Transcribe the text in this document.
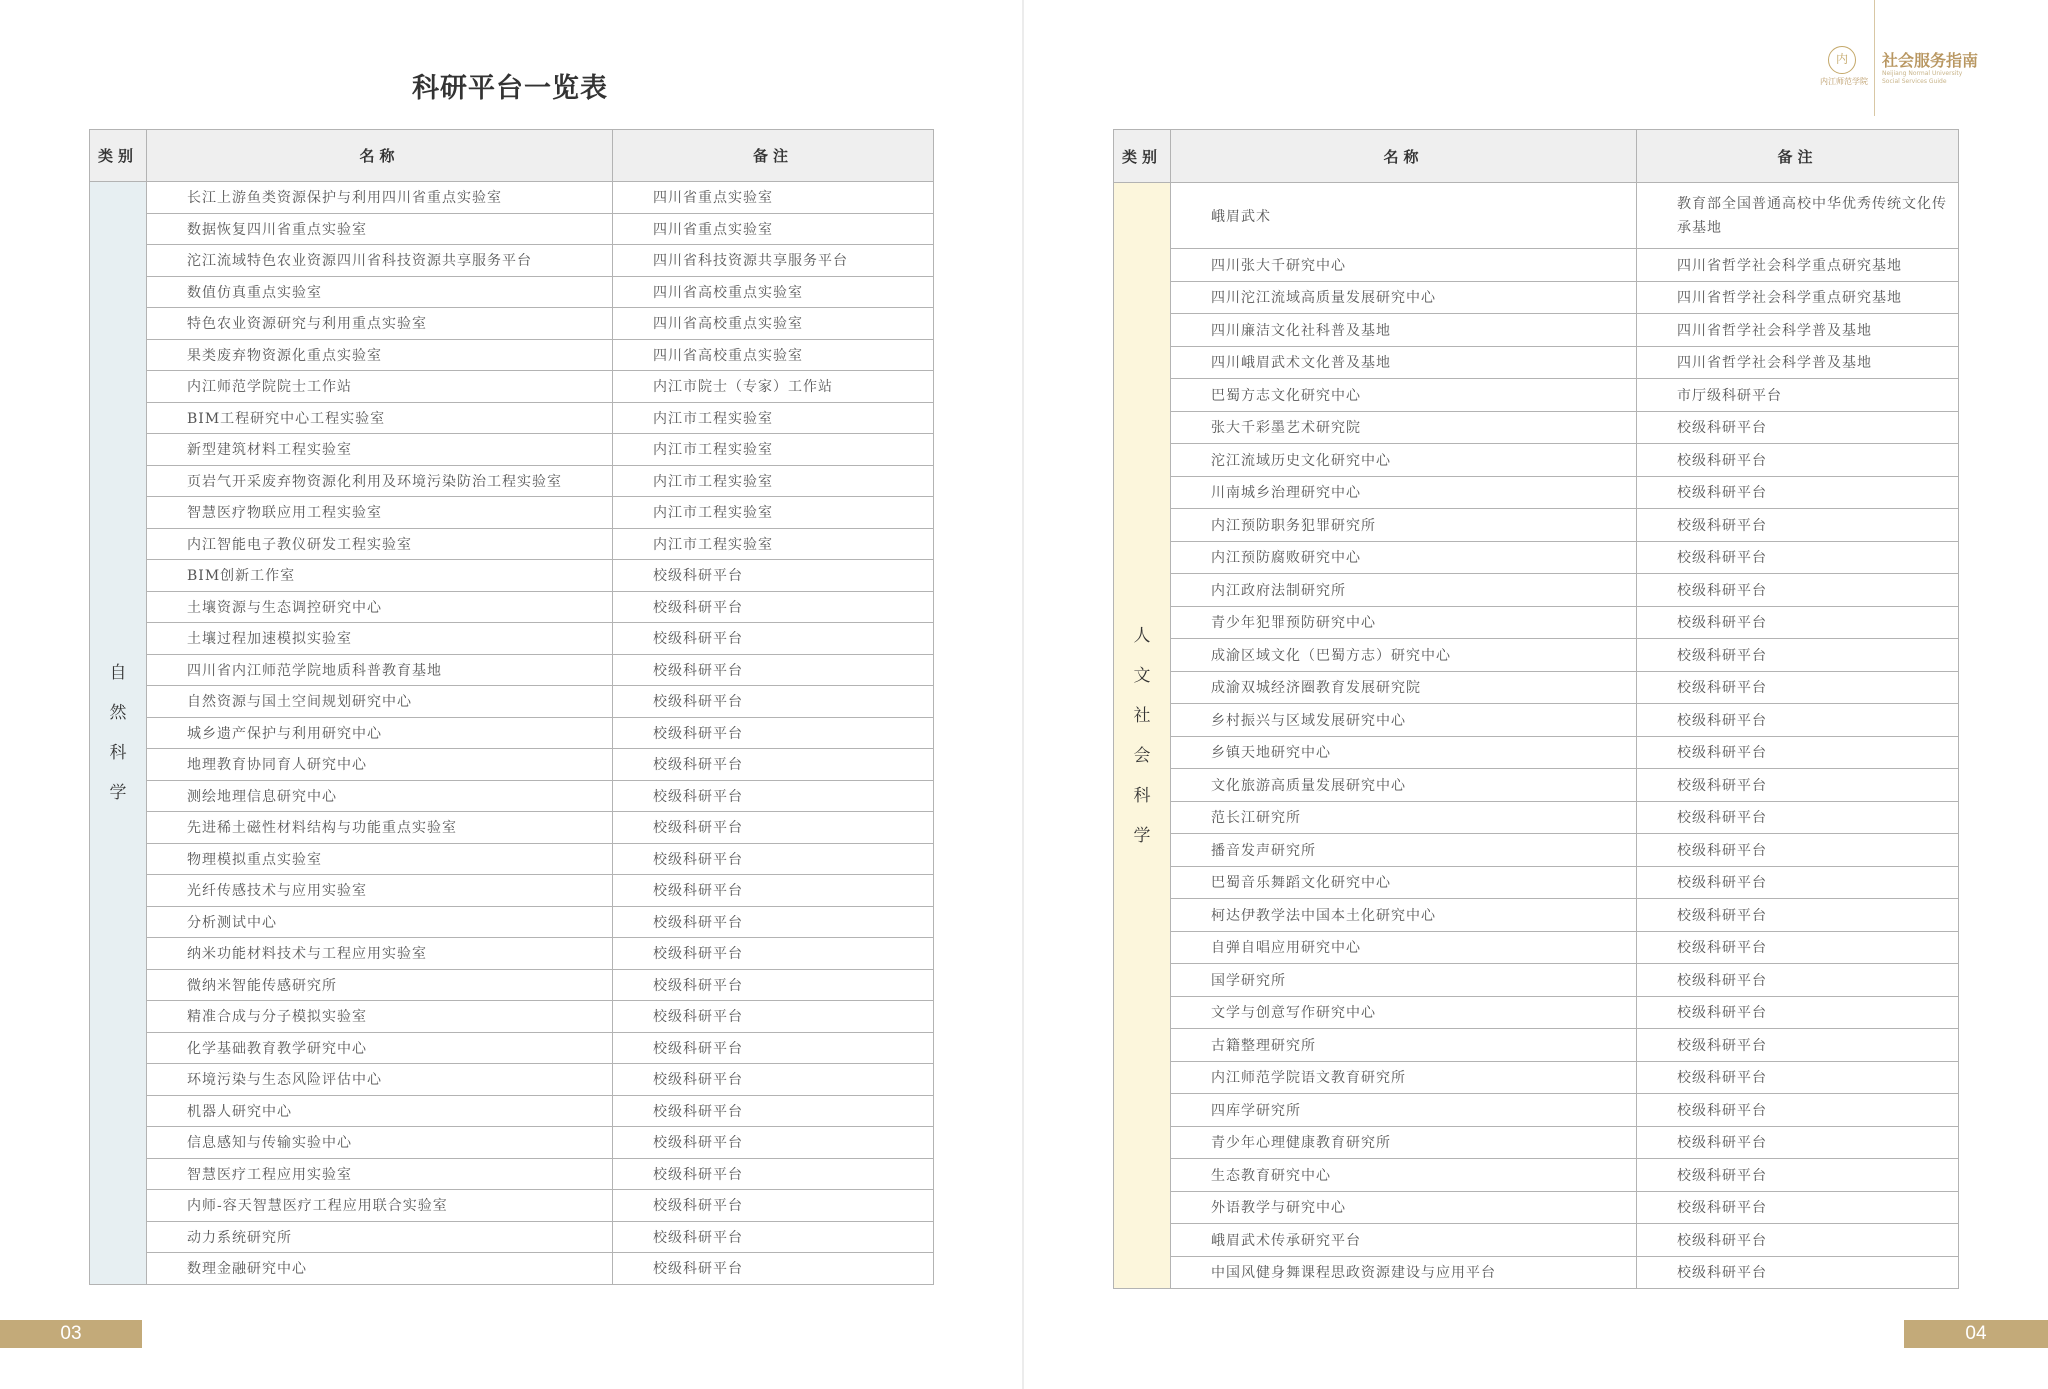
科研平台一览表
类别	名称	备注
自然科学	长江上游鱼类资源保护与利用四川省重点实验室	四川省重点实验室
	数据恢复四川省重点实验室	四川省重点实验室
	沱江流域特色农业资源四川省科技资源共享服务平台	四川省科技资源共享服务平台
	数值仿真重点实验室	四川省高校重点实验室
	特色农业资源研究与利用重点实验室	四川省高校重点实验室
	果类废弃物资源化重点实验室	四川省高校重点实验室
	内江师范学院院士工作站	内江市院士（专家）工作站
	BIM工程研究中心工程实验室	内江市工程实验室
	新型建筑材料工程实验室	内江市工程实验室
	页岩气开采废弃物资源化利用及环境污染防治工程实验室	内江市工程实验室
	智慧医疗物联应用工程实验室	内江市工程实验室
	内江智能电子教仪研发工程实验室	内江市工程实验室
	BIM创新工作室	校级科研平台
	土壤资源与生态调控研究中心	校级科研平台
	土壤过程加速模拟实验室	校级科研平台
	四川省内江师范学院地质科普教育基地	校级科研平台
	自然资源与国土空间规划研究中心	校级科研平台
	城乡遗产保护与利用研究中心	校级科研平台
	地理教育协同育人研究中心	校级科研平台
	测绘地理信息研究中心	校级科研平台
	先进稀土磁性材料结构与功能重点实验室	校级科研平台
	物理模拟重点实验室	校级科研平台
	光纤传感技术与应用实验室	校级科研平台
	分析测试中心	校级科研平台
	纳米功能材料技术与工程应用实验室	校级科研平台
	微纳米智能传感研究所	校级科研平台
	精准合成与分子模拟实验室	校级科研平台
	化学基础教育教学研究中心	校级科研平台
	环境污染与生态风险评估中心	校级科研平台
	机器人研究中心	校级科研平台
	信息感知与传输实验中心	校级科研平台
	智慧医疗工程应用实验室	校级科研平台
	内师-容天智慧医疗工程应用联合实验室	校级科研平台
	动力系统研究所	校级科研平台
	数理金融研究中心	校级科研平台
03
内
内江师范学院
社会服务指南
Neijiang Normal University
Social Services Guide
类别	名称	备注
人文社会科学	峨眉武术	教育部全国普通高校中华优秀传统文化传承基地
	四川张大千研究中心	四川省哲学社会科学重点研究基地
	四川沱江流域高质量发展研究中心	四川省哲学社会科学重点研究基地
	四川廉洁文化社科普及基地	四川省哲学社会科学普及基地
	四川峨眉武术文化普及基地	四川省哲学社会科学普及基地
	巴蜀方志文化研究中心	市厅级科研平台
	张大千彩墨艺术研究院	校级科研平台
	沱江流域历史文化研究中心	校级科研平台
	川南城乡治理研究中心	校级科研平台
	内江预防职务犯罪研究所	校级科研平台
	内江预防腐败研究中心	校级科研平台
	内江政府法制研究所	校级科研平台
	青少年犯罪预防研究中心	校级科研平台
	成渝区域文化（巴蜀方志）研究中心	校级科研平台
	成渝双城经济圈教育发展研究院	校级科研平台
	乡村振兴与区域发展研究中心	校级科研平台
	乡镇天地研究中心	校级科研平台
	文化旅游高质量发展研究中心	校级科研平台
	范长江研究所	校级科研平台
	播音发声研究所	校级科研平台
	巴蜀音乐舞蹈文化研究中心	校级科研平台
	柯达伊教学法中国本土化研究中心	校级科研平台
	自弹自唱应用研究中心	校级科研平台
	国学研究所	校级科研平台
	文学与创意写作研究中心	校级科研平台
	古籍整理研究所	校级科研平台
	内江师范学院语文教育研究所	校级科研平台
	四库学研究所	校级科研平台
	青少年心理健康教育研究所	校级科研平台
	生态教育研究中心	校级科研平台
	外语教学与研究中心	校级科研平台
	峨眉武术传承研究平台	校级科研平台
	中国风健身舞课程思政资源建设与应用平台	校级科研平台
04
